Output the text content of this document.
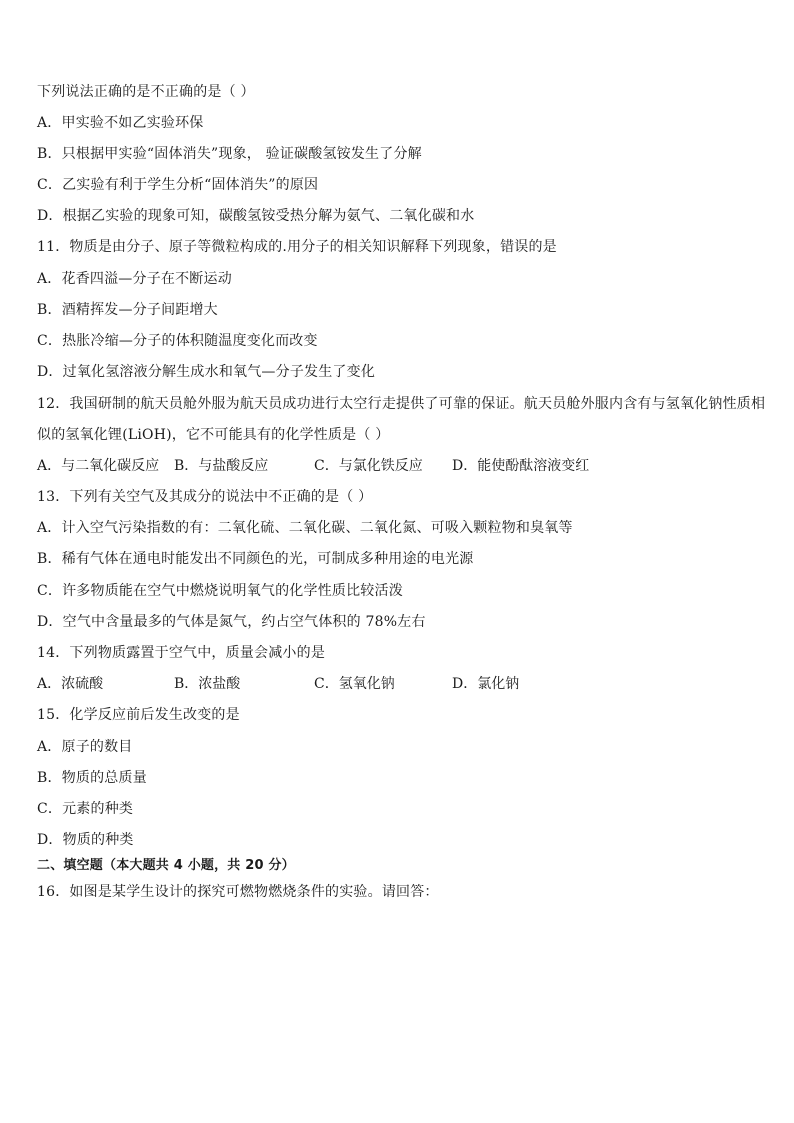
下列说法正确的是不正确的是（ ）
A．甲实验不如乙实验环保
B．只根据甲实验“固体消失”现象， 验证碳酸氢铵发生了分解
C．乙实验有利于学生分析“固体消失”的原因
D．根据乙实验的现象可知，碳酸氢铵受热分解为氨气、二氧化碳和水
11．物质是由分子、原子等微粒构成的.用分子的相关知识解释下列现象，错误的是
A．花香四溢—分子在不断运动
B．酒精挥发—分子间距增大
C．热胀冷缩—分子的体积随温度变化而改变
D．过氧化氢溶液分解生成水和氧气—分子发生了变化
12．我国研制的航天员舱外服为航天员成功进行太空行走提供了可靠的保证。航天员舱外服内含有与氢氧化钠性质相
似的氢氧化锂(LiOH)，它不可能具有的化学性质是（ ）
A．与二氧化碳反应 B．与盐酸反应	C．与氯化铁反应 D．能使酚酞溶液变红
13．下列有关空气及其成分的说法中不正确的是（ ）
A．计入空气污染指数的有：二氧化硫、二氧化碳、二氧化氮、可吸入颗粒物和臭氧等
B．稀有气体在通电时能发出不同颜色的光，可制成多种用途的电光源
C．许多物质能在空气中燃烧说明氧气的化学性质比较活泼
D．空气中含量最多的气体是氮气，约占空气体积的 78%左右
14．下列物质露置于空气中，质量会减小的是
A．浓硫酸	B．浓盐酸	C．氢氧化钠	D．氯化钠
15．化学反应前后发生改变的是
A．原子的数目
B．物质的总质量
C．元素的种类
D．物质的种类
二、填空题（本大题共 4 小题，共 20 分）
16．如图是某学生设计的探究可燃物燃烧条件的实验。请回答：
